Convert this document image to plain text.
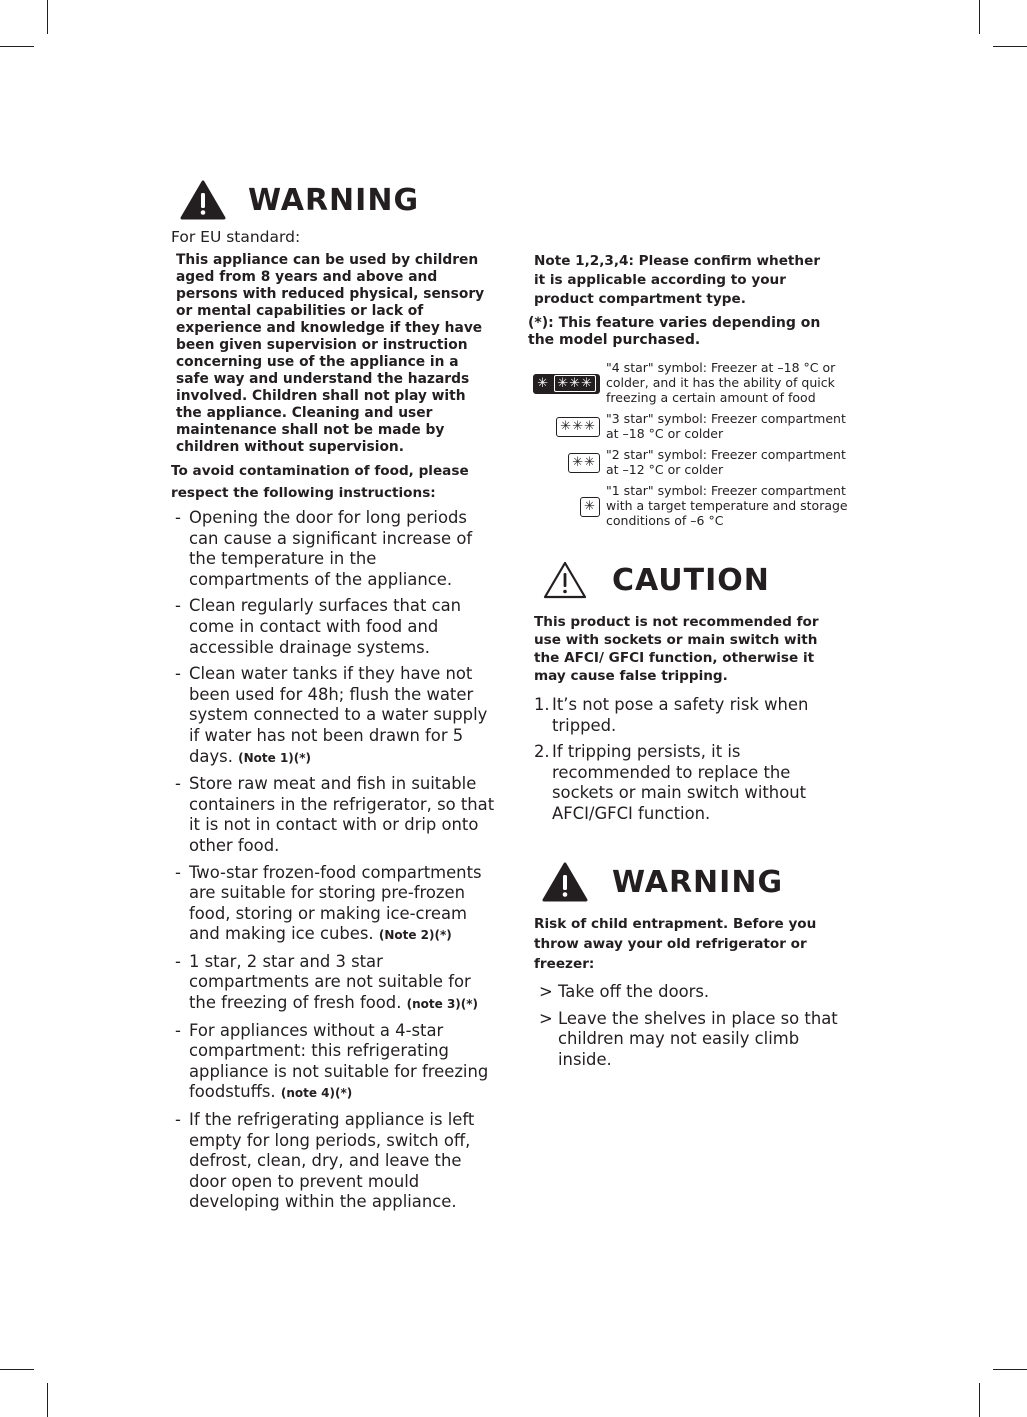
WARNING
For EU standard:

This appliance can be used by children aged from 8 years and above and persons with reduced physical, sensory or mental capabilities or lack of experience and knowledge if they have been given supervision or instruction concerning use of the appliance in a safe way and understand the hazards involved. Children shall not play with the appliance. Cleaning and user maintenance shall not be made by children without supervision.

To avoid contamination of food, please respect the following instructions:

- Opening the door for long periods can cause a significant increase of the temperature in the compartments of the appliance.
- Clean regularly surfaces that can come in contact with food and accessible drainage systems.
- Clean water tanks if they have not been used for 48h; flush the water system connected to a water supply if water has not been drawn for 5 days. (Note 1)(*)
- Store raw meat and fish in suitable containers in the refrigerator, so that it is not in contact with or drip onto other food.
- Two-star frozen-food compartments are suitable for storing pre-frozen food, storing or making ice-cream and making ice cubes. (Note 2)(*)
- 1 star, 2 star and 3 star compartments are not suitable for the freezing of fresh food. (note 3)(*)
- For appliances without a 4-star compartment: this refrigerating appliance is not suitable for freezing foodstuffs. (note 4)(*)
- If the refrigerating appliance is left empty for long periods, switch off, defrost, clean, dry, and leave the door open to prevent mould developing within the appliance.

Note 1,2,3,4: Please confirm whether it is applicable according to your product compartment type.

(*): This feature varies depending on the model purchased.

✳ ✳✳✳	"4 star" symbol: Freezer at –18 °C or colder, and it has the ability of quick freezing a certain amount of food
✳✳✳	"3 star" symbol: Freezer compartment at –18 °C or colder
✳✳	"2 star" symbol: Freezer compartment at –12 °C or colder
✳	"1 star" symbol: Freezer compartment with a target temperature and storage conditions of –6 °C
CAUTION

This product is not recommended for use with sockets or main switch with the AFCI/ GFCI function, otherwise it may cause false tripping.

1. It’s not pose a safety risk when tripped.
2. If tripping persists, it is recommended to replace the sockets or main switch without AFCI/GFCI function.
WARNING

Risk of child entrapment. Before you throw away your old refrigerator or freezer:

> Take off the doors.
> Leave the shelves in place so that children may not easily climb inside.
